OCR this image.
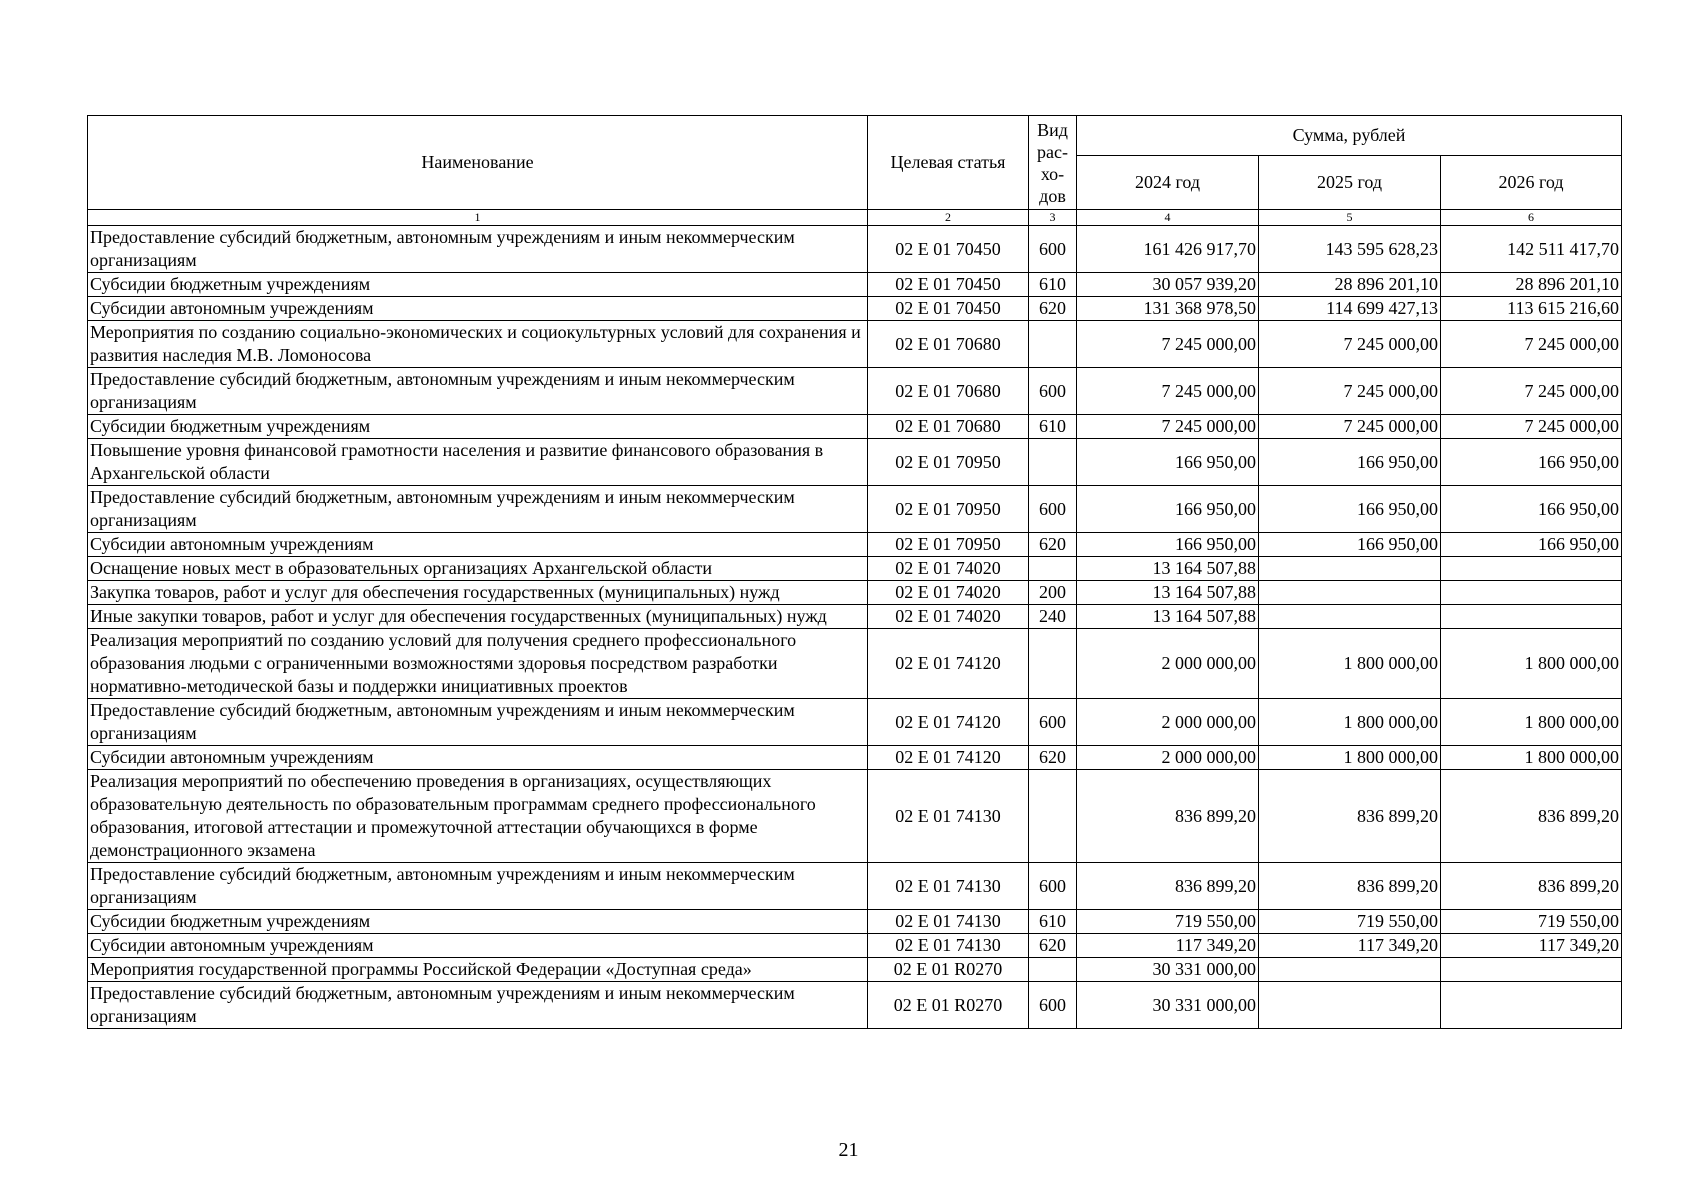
Наименование	Целевая статья	Вид рас-хо-дов	Сумма, рублей		
			2024 год	2025 год	2026 год
1	2	3	4	5	6
Предоставление субсидий бюджетным, автономным учреждениям и иным некоммерческим организациям	02 Е 01 70450	600	161 426 917,70	143 595 628,23	142 511 417,70
Субсидии бюджетным учреждениям	02 Е 01 70450	610	30 057 939,20	28 896 201,10	28 896 201,10
Субсидии автономным учреждениям	02 Е 01 70450	620	131 368 978,50	114 699 427,13	113 615 216,60
Мероприятия по созданию социально-экономических и социокультурных условий для сохранения и развития наследия М.В. Ломоносова	02 Е 01 70680		7 245 000,00	7 245 000,00	7 245 000,00
Предоставление субсидий бюджетным, автономным учреждениям и иным некоммерческим организациям	02 Е 01 70680	600	7 245 000,00	7 245 000,00	7 245 000,00
Субсидии бюджетным учреждениям	02 Е 01 70680	610	7 245 000,00	7 245 000,00	7 245 000,00
Повышение уровня финансовой грамотности населения и развитие финансового образования в Архангельской области	02 Е 01 70950		166 950,00	166 950,00	166 950,00
Предоставление субсидий бюджетным, автономным учреждениям и иным некоммерческим организациям	02 Е 01 70950	600	166 950,00	166 950,00	166 950,00
Субсидии автономным учреждениям	02 Е 01 70950	620	166 950,00	166 950,00	166 950,00
Оснащение новых мест в образовательных организациях Архангельской области	02 Е 01 74020		13 164 507,88		
Закупка товаров, работ и услуг для обеспечения государственных (муниципальных) нужд	02 Е 01 74020	200	13 164 507,88		
Иные закупки товаров, работ и услуг для обеспечения государственных (муниципальных) нужд	02 Е 01 74020	240	13 164 507,88		
Реализация мероприятий по созданию условий для получения среднего профессионального образования людьми с ограниченными возможностями здоровья посредством разработки нормативно-методической базы и поддержки инициативных проектов	02 Е 01 74120		2 000 000,00	1 800 000,00	1 800 000,00
Предоставление субсидий бюджетным, автономным учреждениям и иным некоммерческим организациям	02 Е 01 74120	600	2 000 000,00	1 800 000,00	1 800 000,00
Субсидии автономным учреждениям	02 Е 01 74120	620	2 000 000,00	1 800 000,00	1 800 000,00
Реализация мероприятий по обеспечению проведения в организациях, осуществляющих образовательную деятельность по образовательным программам среднего профессионального образования, итоговой аттестации и промежуточной аттестации обучающихся в форме демонстрационного экзамена	02 Е 01 74130		836 899,20	836 899,20	836 899,20
Предоставление субсидий бюджетным, автономным учреждениям и иным некоммерческим организациям	02 Е 01 74130	600	836 899,20	836 899,20	836 899,20
Субсидии бюджетным учреждениям	02 Е 01 74130	610	719 550,00	719 550,00	719 550,00
Субсидии автономным учреждениям	02 Е 01 74130	620	117 349,20	117 349,20	117 349,20
Мероприятия государственной программы Российской Федерации «Доступная среда»	02 Е 01 R0270		30 331 000,00		
Предоставление субсидий бюджетным, автономным учреждениям и иным некоммерческим организациям	02 Е 01 R0270	600	30 331 000,00		
21
